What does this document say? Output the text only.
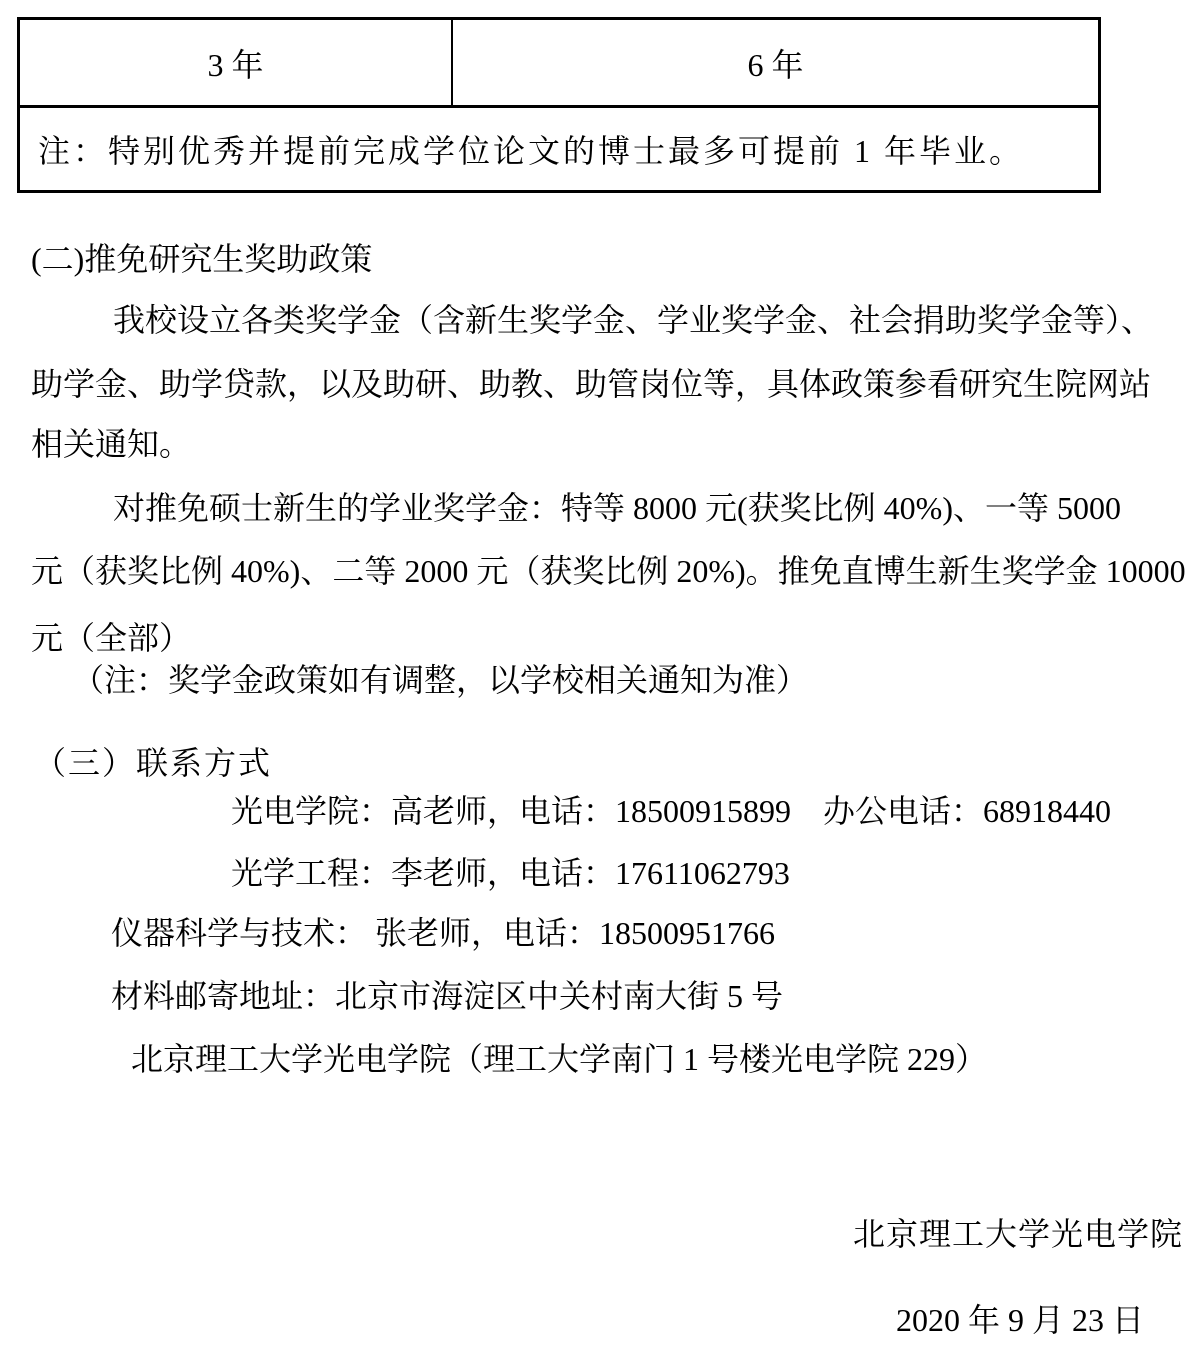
3 年	6 年
注：特别优秀并提前完成学位论文的博士最多可提前 1 年毕业。
(二)推免研究生奖助政策
我校设立各类奖学金（含新生奖学金、学业奖学金、社会捐助奖学金等）、
助学金、助学贷款，以及助研、助教、助管岗位等，具体政策参看研究生院网站
相关通知。
对推免硕士新生的学业奖学金：特等 8000 元(获奖比例 40%)、一等 5000
元（获奖比例 40%)、二等 2000 元（获奖比例 20%)。推免直博生新生奖学金 10000
元（全部）
（注：奖学金政策如有调整，以学校相关通知为准）
（三）联系方式
光电学院：高老师，电话：18500915899    办公电话：68918440
光学工程：李老师，电话：17611062793
仪器科学与技术： 张老师，电话：18500951766
材料邮寄地址：北京市海淀区中关村南大街 5 号
北京理工大学光电学院（理工大学南门 1 号楼光电学院 229）
北京理工大学光电学院
2020 年 9 月 23 日
